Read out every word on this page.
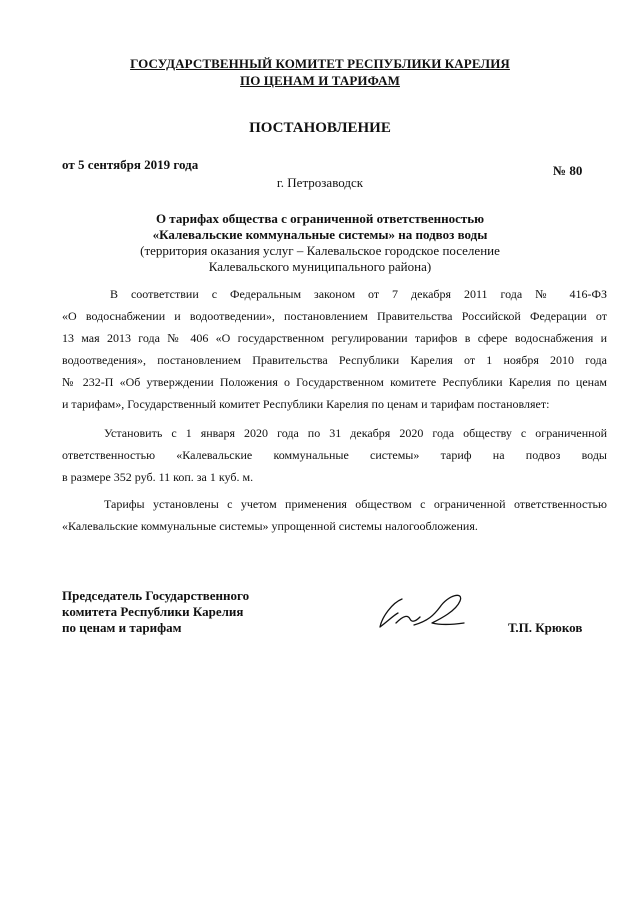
ГОСУДАРСТВЕННЫЙ КОМИТЕТ РЕСПУБЛИКИ КАРЕЛИЯ
ПО ЦЕНАМ И ТАРИФАМ
ПОСТАНОВЛЕНИЕ
от 5 сентября 2019 года	№ 80
г. Петрозаводск
О тарифах общества с ограниченной ответственностью
«Калевальские коммунальные системы» на подвоз воды
(территория оказания услуг – Калевальское городское поселение
Калевальского муниципального района)
В соответствии с Федеральным законом от 7 декабря 2011 года № 416-ФЗ
«О водоснабжении и водоотведении», постановлением Правительства Российской Федерации от
13 мая 2013 года № 406 «О государственном регулировании тарифов в сфере водоснабжения и
водоотведения», постановлением Правительства Республики Карелия от 1 ноября 2010 года
№ 232-П «Об утверждении Положения о Государственном комитете Республики Карелия по ценам
и тарифам», Государственный комитет Республики Карелия по ценам и тарифам постановляет:
Установить с 1 января 2020 года по 31 декабря 2020 года обществу с ограниченной
ответственностью «Калевальские коммунальные системы» тариф на подвоз воды
в размере 352 руб. 11 коп. за 1 куб. м.
Тарифы установлены с учетом применения обществом с ограниченной ответственностью
«Калевальские коммунальные системы» упрощенной системы налогообложения.
Председатель Государственного
комитета Республики Карелия
по ценам и тарифам	Т.П. Крюков
